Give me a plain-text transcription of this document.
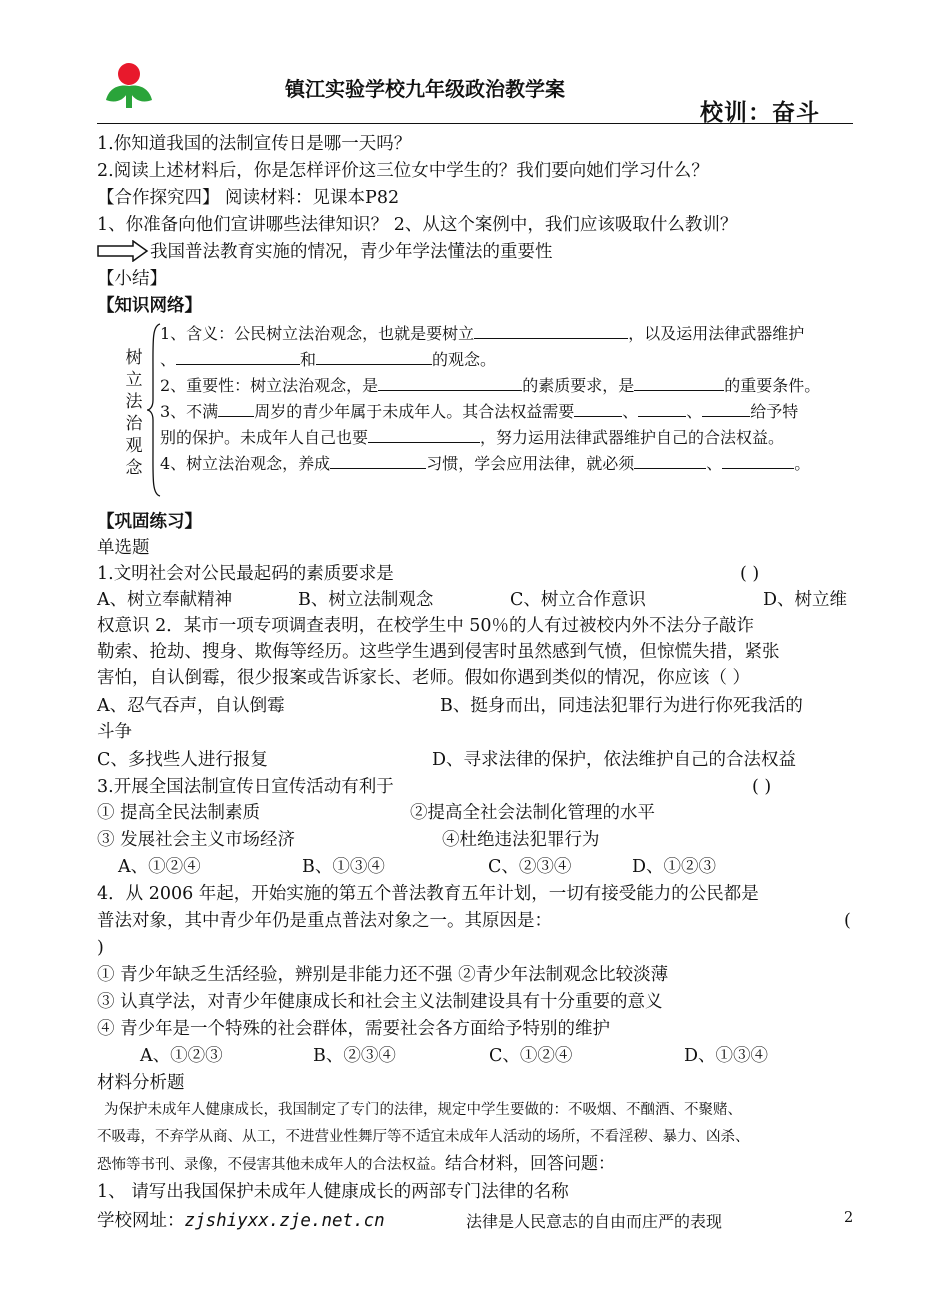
镇江实验学校九年级政治教学案
校训：奋斗
1.你知道我国的法制宣传日是哪一天吗？
2.阅读上述材料后，你是怎样评价这三位女中学生的？我们要向她们学习什么？
【合作探究四】 阅读材料：见课本P82
1、你准备向他们宣讲哪些法律知识？ 2、从这个案例中，我们应该吸取什么教训？
我国普法教育实施的情况，青少年学法懂法的重要性
【小结】
【知识网络】
树立法治观念
1、含义：公民树立法治观念，也就是要树立	，以及运用法律武器维护
、	和	的观念。
2、重要性：树立法治观念，是	的素质要求，是	的重要条件。
3、不满 周岁的青少年属于未成年人。其合法权益需要	、	、	给予特
别的保护。未成年人自己也要	，努力运用法律武器维护自己的合法权益。
4、树立法治观念，养成	习惯，学会应用法律，就必须	、	。
【巩固练习】
单选题
1.文明社会对公民最起码的素质要求是	( )
A、树立奉献精神	B、树立法制观念	C、树立合作意识	D、树立维
权意识 2．某市一项专项调查表明，在校学生中 50％的人有过被校内外不法分子敲诈
勒索、抢劫、搜身、欺侮等经历。这些学生遇到侵害时虽然感到气愤，但惊慌失措，紧张
害怕，自认倒霉，很少报案或告诉家长、老师。假如你遇到类似的情况，你应该（ ）
A、忍气吞声，自认倒霉	B、挺身而出，同违法犯罪行为进行你死我活的
斗争
C、多找些人进行报复	D、寻求法律的保护，依法维护自己的合法权益
3.开展全国法制宣传日宣传活动有利于	( )
① 提高全民法制素质	②提高全社会法制化管理的水平
③ 发展社会主义市场经济	④杜绝违法犯罪行为
A、①②④	B、①③④	C、②③④	D、①②③
4．从 2006 年起，开始实施的第五个普法教育五年计划，一切有接受能力的公民都是
普法对象，其中青少年仍是重点普法对象之一。其原因是：	(
)
① 青少年缺乏生活经验，辨别是非能力还不强 ②青少年法制观念比较淡薄
③ 认真学法，对青少年健康成长和社会主义法制建设具有十分重要的意义
④ 青少年是一个特殊的社会群体，需要社会各方面给予特别的维护
A、①②③	B、②③④	C、①②④	D、①③④
材料分析题
为保护未成年人健康成长，我国制定了专门的法律，规定中学生要做的：不吸烟、不酗酒、不聚赌、
不吸毒，不弃学从商、从工，不进营业性舞厅等不适宜未成年人活动的场所，不看淫秽、暴力、凶杀、
恐怖等书刊、录像，不侵害其他未成年人的合法权益。结合材料，回答问题：
1、 请写出我国保护未成年人健康成长的两部专门法律的名称
学校网址：zjshiyxx.zje.net.cn	法律是人民意志的自由而庄严的表现	2
